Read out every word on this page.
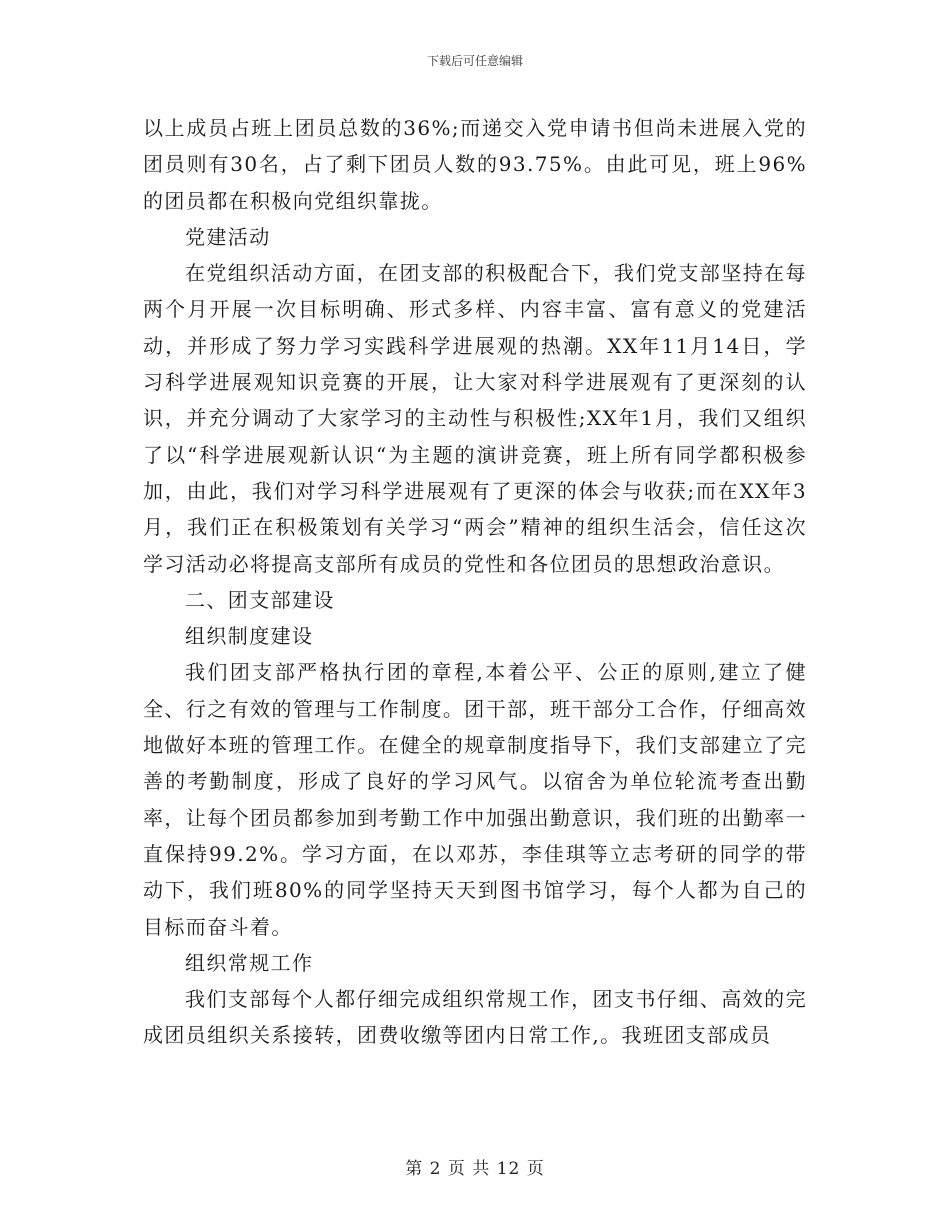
下载后可任意编辑

以上成员占班上团员总数的36%;而递交入党申请书但尚未进展入党的团员则有30名，占了剩下团员人数的93.75%。由此可见，班上96%的团员都在积极向党组织靠拢。

党建活动

在党组织活动方面，在团支部的积极配合下，我们党支部坚持在每两个月开展一次目标明确、形式多样、内容丰富、富有意义的党建活动，并形成了努力学习实践科学进展观的热潮。XX年11月14日，学习科学进展观知识竞赛的开展，让大家对科学进展观有了更深刻的认识，并充分调动了大家学习的主动性与积极性;XX年1月，我们又组织了以“科学进展观新认识“为主题的演讲竞赛，班上所有同学都积极参加，由此，我们对学习科学进展观有了更深的体会与收获;而在XX年3月，我们正在积极策划有关学习“两会”精神的组织生活会，信任这次学习活动必将提高支部所有成员的党性和各位团员的思想政治意识。

二、团支部建设

组织制度建设

我们团支部严格执行团的章程,本着公平、公正的原则,建立了健全、行之有效的管理与工作制度。团干部，班干部分工合作，仔细高效地做好本班的管理工作。在健全的规章制度指导下，我们支部建立了完善的考勤制度，形成了良好的学习风气。以宿舍为单位轮流考查出勤率，让每个团员都参加到考勤工作中加强出勤意识，我们班的出勤率一直保持99.2%。学习方面，在以邓苏，李佳琪等立志考研的同学的带动下，我们班80%的同学坚持天天到图书馆学习，每个人都为自己的目标而奋斗着。

组织常规工作

我们支部每个人都仔细完成组织常规工作，团支书仔细、高效的完成团员组织关系接转，团费收缴等团内日常工作,。我班团支部成员

第 2 页 共 12 页
